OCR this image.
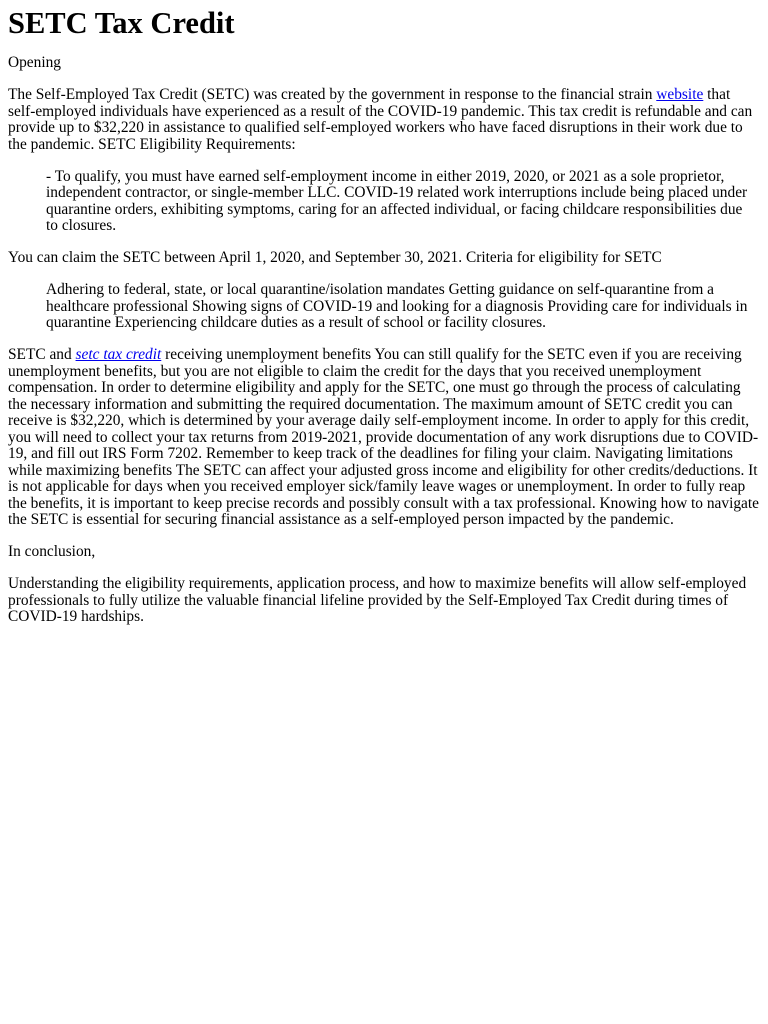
SETC Tax Credit

Opening

The Self-Employed Tax Credit (SETC) was created by the government in response to the financial strain website that self-employed individuals have experienced as a result of the COVID-19 pandemic. This tax credit is refundable and can provide up to $32,220 in assistance to qualified self-employed workers who have faced disruptions in their work due to the pandemic. SETC Eligibility Requirements:

- To qualify, you must have earned self-employment income in either 2019, 2020, or 2021 as a sole proprietor, independent contractor, or single-member LLC. COVID-19 related work interruptions include being placed under quarantine orders, exhibiting symptoms, caring for an affected individual, or facing childcare responsibilities due to closures.

You can claim the SETC between April 1, 2020, and September 30, 2021. Criteria for eligibility for SETC

Adhering to federal, state, or local quarantine/isolation mandates Getting guidance on self-quarantine from a healthcare professional Showing signs of COVID-19 and looking for a diagnosis Providing care for individuals in quarantine Experiencing childcare duties as a result of school or facility closures.

SETC and setc tax credit receiving unemployment benefits You can still qualify for the SETC even if you are receiving unemployment benefits, but you are not eligible to claim the credit for the days that you received unemployment compensation. In order to determine eligibility and apply for the SETC, one must go through the process of calculating the necessary information and submitting the required documentation. The maximum amount of SETC credit you can receive is $32,220, which is determined by your average daily self-employment income. In order to apply for this credit, you will need to collect your tax returns from 2019-2021, provide documentation of any work disruptions due to COVID-19, and fill out IRS Form 7202. Remember to keep track of the deadlines for filing your claim. Navigating limitations while maximizing benefits The SETC can affect your adjusted gross income and eligibility for other credits/deductions. It is not applicable for days when you received employer sick/family leave wages or unemployment. In order to fully reap the benefits, it is important to keep precise records and possibly consult with a tax professional. Knowing how to navigate the SETC is essential for securing financial assistance as a self-employed person impacted by the pandemic.

In conclusion,

Understanding the eligibility requirements, application process, and how to maximize benefits will allow self-employed professionals to fully utilize the valuable financial lifeline provided by the Self-Employed Tax Credit during times of COVID-19 hardships.
